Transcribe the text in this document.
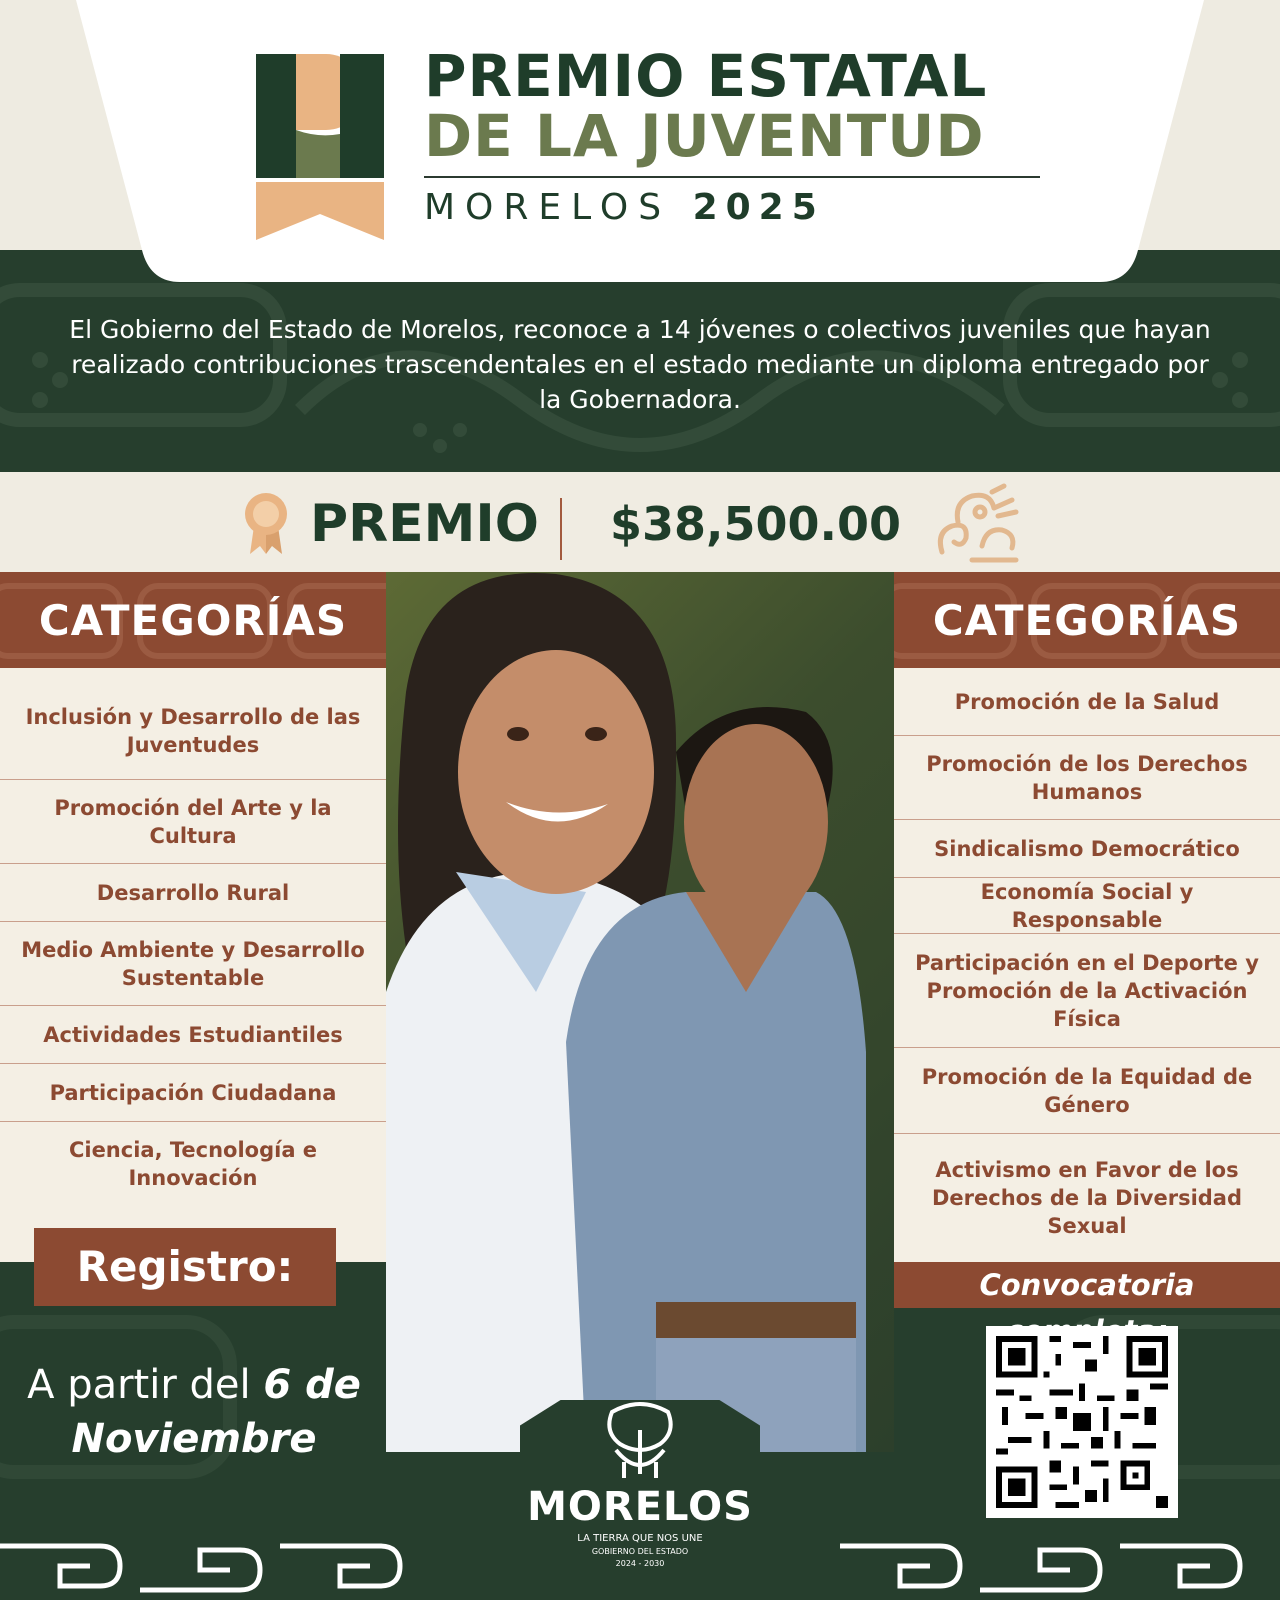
PREMIO ESTATAL
DE LA JUVENTUD
MORELOS 2025
El Gobierno del Estado de Morelos, reconoce a 14 jóvenes o colectivos juveniles que hayan realizado contribuciones trascendentales en el estado mediante un diploma entregado por la Gobernadora.
PREMIO $38,500.00
CATEGORÍAS
Inclusión y Desarrollo de las Juventudes
Promoción del Arte y la Cultura
Desarrollo Rural
Medio Ambiente y Desarrollo Sustentable
Actividades Estudiantiles
Participación Ciudadana
Ciencia, Tecnología e Innovación
CATEGORÍAS
Promoción de la Salud
Promoción de los Derechos Humanos
Sindicalismo Democrático
Economía Social y Responsable
Participación en el Deporte y Promoción de la Activación Física
Promoción de la Equidad de Género
Activismo en Favor de los Derechos de la Diversidad Sexual
MORELOS
LA TIERRA QUE NOS UNE
GOBIERNO DEL ESTADO
2024 - 2030
Registro:
A partir del 6 de Noviembre
Convocatoria
